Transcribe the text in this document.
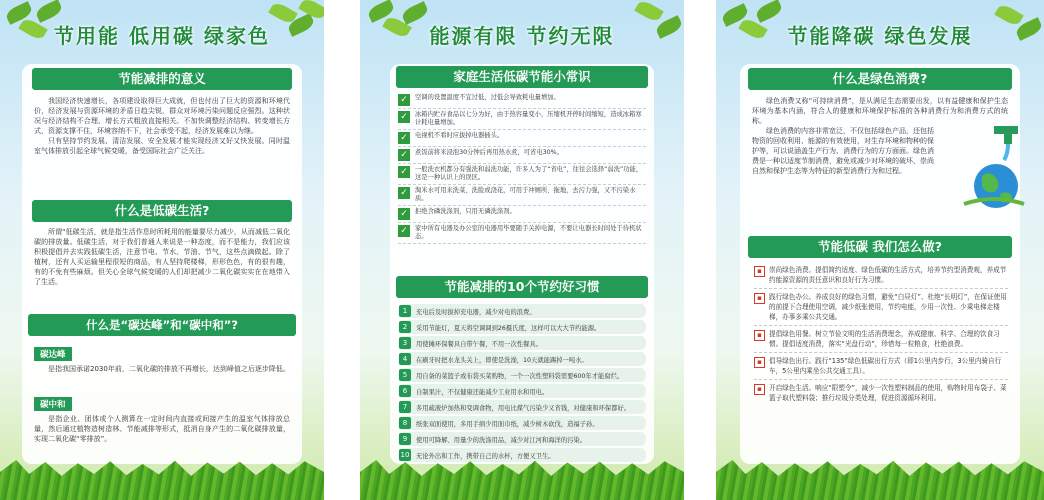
节用能 低用碳 绿家色
节能减排的意义

我国经济快速增长，各项建设取得巨大成就，但也付出了巨大的资源和环境代价，经济发展与资源环境的矛盾日趋尖锐，群众对环境污染问题反应强烈。这种状况与经济结构不合理、增长方式粗放直接相关。不加快调整经济结构、转变增长方式，资源支撑不住，环境容纳不下，社会承受不起，经济发展难以为继。

只有坚持节约发展、清洁发展、安全发展才能实现经济又好又快发展。同时温室气体排放引起全球气候变暖，备受国际社会广泛关注。

什么是低碳生活?

所谓“低碳生活，就是指生活作息时所耗用的能量要尽力减少，从而减低二氧化碳的排放量。低碳生活，对于我们普通人来说是一种态度，而不是能力，我们应该积极提倡并去实践低碳生活，注意节电、节水、节油、节气，这些点滴做起。除了植树，还有人买运输里程很短的商品，有人坚持爬楼梯，形形色色，有的很有趣，有的不免有些麻烦。但关心全球气候变暖的人们却把减少二氧化碳实实在在地带入了生活。

什么是“碳达峰”和“碳中和”?
碳达峰

是指我国承诺2030年前，二氧化碳的排放不再增长，达到峰值之后逐步降低。

碳中和

是指企业、团体或个人测算在一定时间内直接或间接产生的温室气体排放总量，然后通过植物造树造林、节能减排等形式，抵消自身产生的二氧化碳排放量，实现二氧化碳“零排放”。

能源有限 节约无限
家庭生活低碳节能小常识
✓	空调的设置温度不宜过低，过低会导致耗电量增加。
✓	冰箱内贮存食品以七分为好，由于热容量变小，压缩机开停时间缩短，造成冰箱寒计耗电量增加。
✓	电视机不看时应拔掉电器插头。
✓	煮饭前将米浸泡30分钟后再用热水煮，可省电30%。
✓	一般洗衣机都分有强洗和弱洗功能，许多人为了“省电”，往往会选择“弱洗”功能，这是一种认识上的误区。
✓	淘米水可用来洗菜、洗脸或浇花，可用于冲厕所、拖地，去污力强，又不污染水质。
✓	拒绝含磷洗涤剂，只用无磷洗涤剂。
✓	家中所有电器及办公室的电器用毕要随手关掉电源，不要让电器长时间处于待机状态。
节能减排的10个节约好习惯
1	充电后及时拔掉充电器，减少对电的浪费。
2	采用节能灯，夏天将空调调到26摄氏度，这样可以大大节约能源。
3	用使摊环保餐具自带午餐，不用一次性餐具。
4	在刷牙时把水龙头关上，即使是洗澡，10天就能踢掉一吨水。
5	用自备的菜篮子或布袋买菜购物，一个一次性塑料袋需要600年才能腐烂。
6	自制果汁，不仅健康还能减少工业用水和用电。
7	多用疏液炉加热和变调食物，用电比煤气污染少又省钱，对健康和环保都好。
8	纸张双面使用，多用手绢少用面巾纸，减少树木砍伐，造福子孙。
9	使用可降解、用量少的洗涤用品，减少对江河和海洋的污染。
10 无论外出和工作，携带自己的水杯，方便又卫生。
节能降碳 绿色发展
什么是绿色消费?

绿色消费又称“可持续消费”，是从满足生态需要出发，以有益健康和保护生态环境为基本内涵，符合人的健康和环境保护标准的各种消费行为和消费方式的统称。

绿色消费的内容非常宽泛，不仅包括绿色产品，还包括物资的回收利用、能源的有效使用，对生存环境和物种的保护等，可以说涵盖生产行为、消费行为的方方面面。绿色消费是一种以适度节制消费，避免或减少对环境的破坏，崇尚自然和保护生态等为特征的新型消费行为和过程。

节能低碳 我们怎么做?
▪	崇尚绿色消费。提倡简约适度、绿色低碳的生活方式，培养节约型消费观，养成节约能源资源的责任意识和良好行为习惯。
▪	践行绿色办公。养成良好的绿色习惯，避免“白昼灯”、杜绝“长明灯”，在保证使用的前提下合理使用空调，减少纸张使用，节约电能，少用一次性、少乘电梯走楼梯，办事多乘公共交通。
▪	提倡绿色用餐。树立节俭文明的生活消费理念，养成健康、科学、合理的饮食习惯。提倡适度消费，落实“光盘行动”，珍惜每一粒粮食，杜绝浪费。
▪	倡导绿色出行。践行“135”绿色低碳出行方式（即1公里内步行，3公里内骑自行车，5公里内乘坐公共交通工具）。
▪	开启绿色生活。响应“限塑令”，减少一次性塑料制品的使用，购物时用布袋子、菜篮子取代塑料袋；推行垃圾分类处理，促进资源循环利用。
